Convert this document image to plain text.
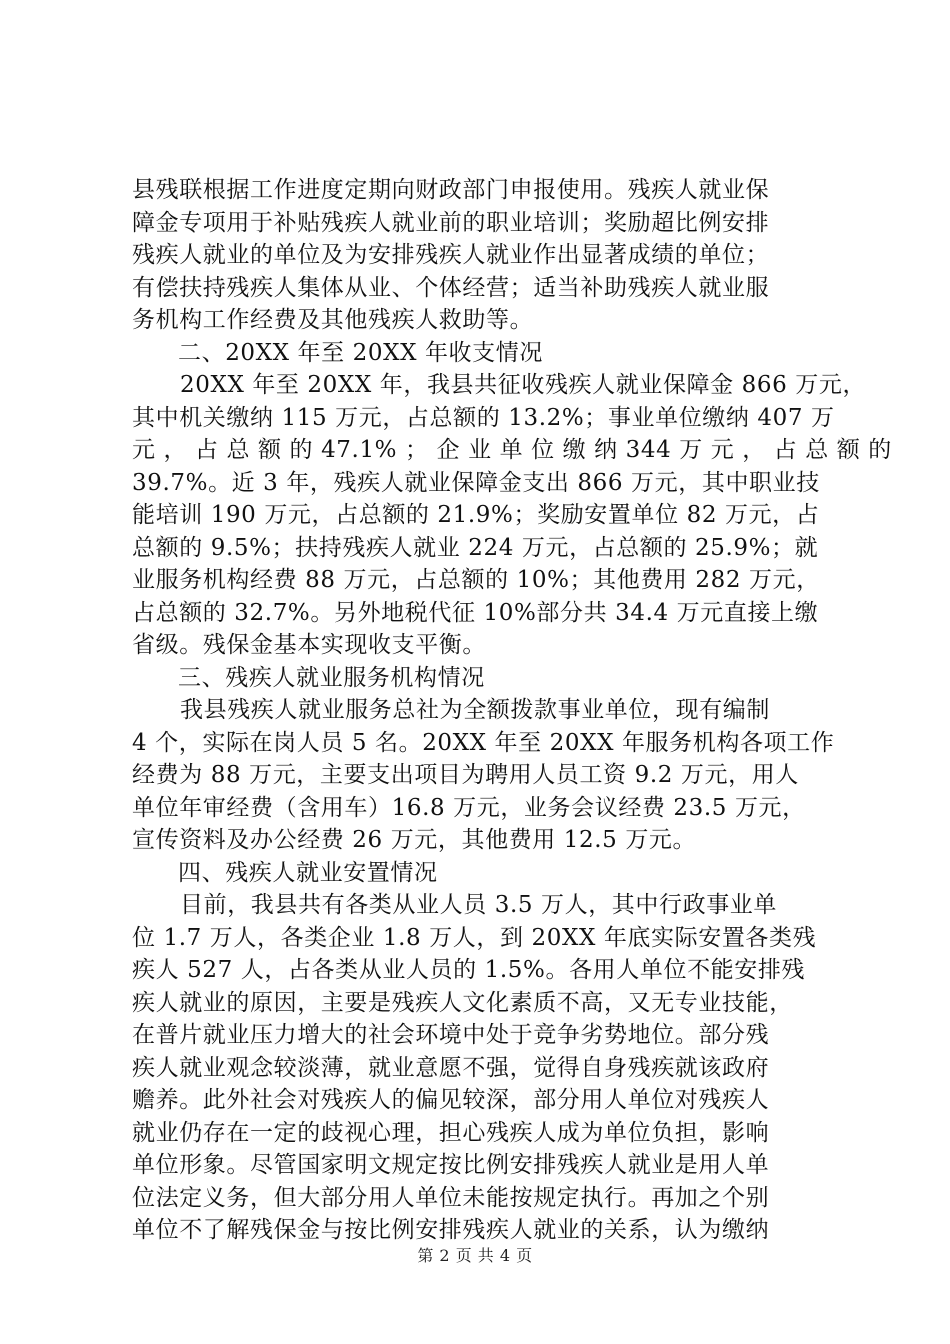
县残联根据工作进度定期向财政部门申报使用。残疾人就业保
障金专项用于补贴残疾人就业前的职业培训；奖励超比例安排
残疾人就业的单位及为安排残疾人就业作出显著成绩的单位；
有偿扶持残疾人集体从业、个体经营；适当补助残疾人就业服
务机构工作经费及其他残疾人救助等。
二、20XX 年至 20XX 年收支情况
20XX 年至 20XX 年，我县共征收残疾人就业保障金 866 万元，
其中机关缴纳 115 万元，占总额的 13.2%；事业单位缴纳 407 万
元 ， 占 总 额 的 47.1% ； 企 业 单 位 缴 纳 344 万 元 ， 占 总 额 的
39.7%。近 3 年，残疾人就业保障金支出 866 万元，其中职业技
能培训 190 万元，占总额的 21.9%；奖励安置单位 82 万元，占
总额的 9.5%；扶持残疾人就业 224 万元，占总额的 25.9%；就
业服务机构经费 88 万元，占总额的 10%；其他费用 282 万元，
占总额的 32.7%。另外地税代征 10%部分共 34.4 万元直接上缴
省级。残保金基本实现收支平衡。
三、残疾人就业服务机构情况
我县残疾人就业服务总社为全额拨款事业单位，现有编制
4 个，实际在岗人员 5 名。20XX 年至 20XX 年服务机构各项工作
经费为 88 万元，主要支出项目为聘用人员工资 9.2 万元，用人
单位年审经费（含用车）16.8 万元，业务会议经费 23.5 万元，
宣传资料及办公经费 26 万元，其他费用 12.5 万元。
四、残疾人就业安置情况
目前，我县共有各类从业人员 3.5 万人，其中行政事业单
位 1.7 万人，各类企业 1.8 万人，到 20XX 年底实际安置各类残
疾人 527 人，占各类从业人员的 1.5%。各用人单位不能安排残
疾人就业的原因，主要是残疾人文化素质不高，又无专业技能，
在普片就业压力增大的社会环境中处于竞争劣势地位。部分残
疾人就业观念较淡薄，就业意愿不强，觉得自身残疾就该政府
赡养。此外社会对残疾人的偏见较深，部分用人单位对残疾人
就业仍存在一定的歧视心理，担心残疾人成为单位负担，影响
单位形象。尽管国家明文规定按比例安排残疾人就业是用人单
位法定义务，但大部分用人单位未能按规定执行。再加之个别
单位不了解残保金与按比例安排残疾人就业的关系，认为缴纳
第 2 页 共 4 页
